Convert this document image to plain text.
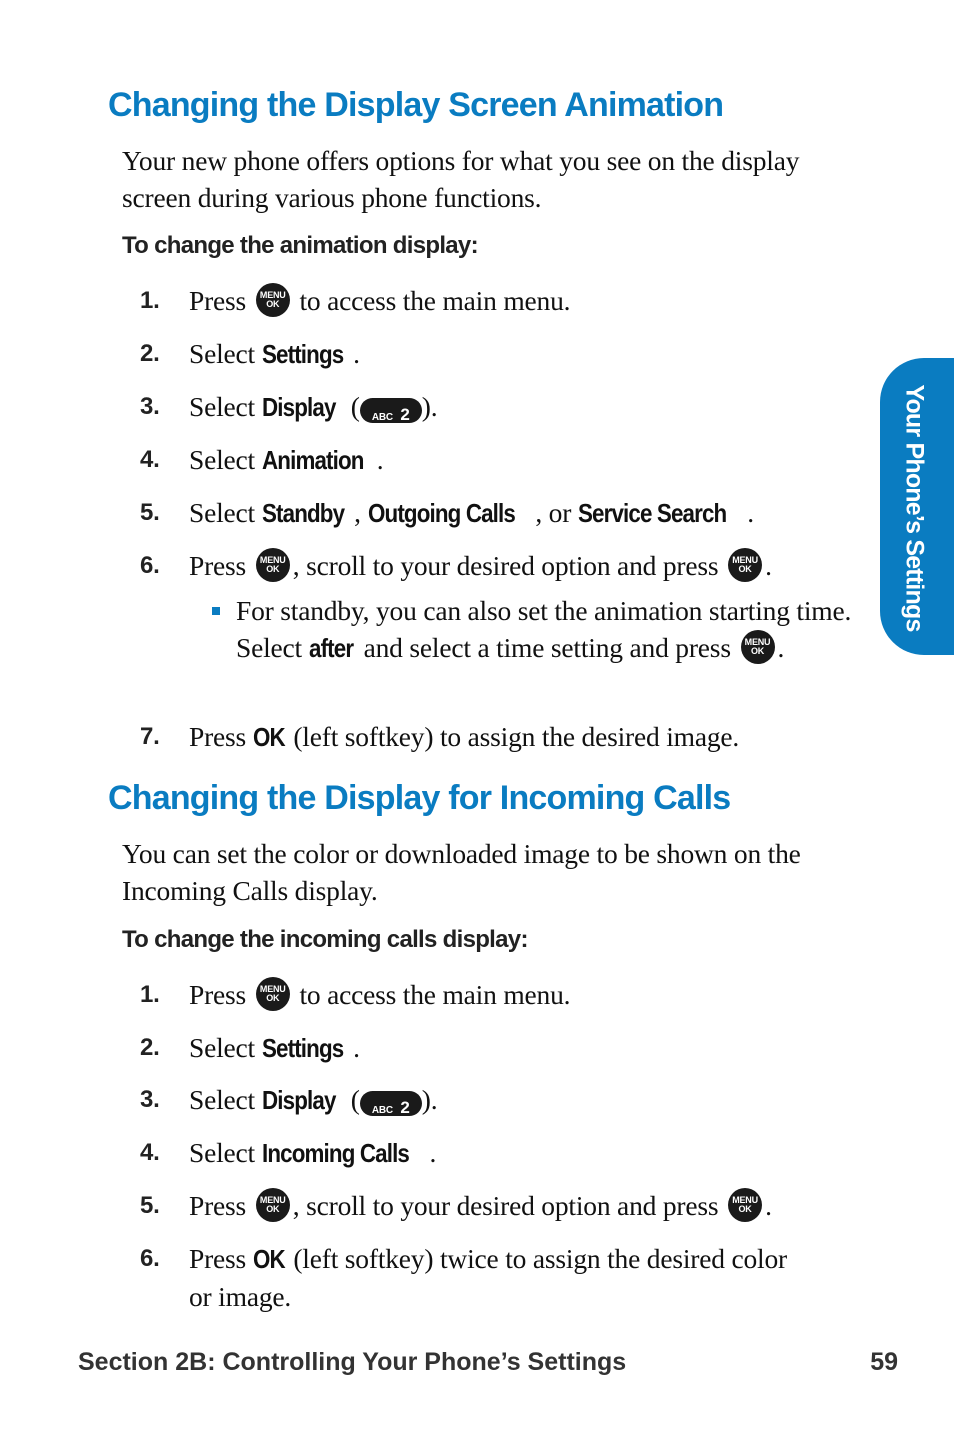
Changing the Display Screen Animation

Your new phone offers options for what you see on the display screen during various phone functions.

To change the animation display:

1. Press	MENU
OK to access the main menu.
2. Select Settings .
3. Select Display ( ABC 2 ).
4. Select Animation .
5. Select Standby , Outgoing Calls , or Service Search .
6. Press	MENU
OK , scroll to your desired option and press	MENU
OK .
For standby, you can also set the animation starting time. Select after and select a time setting and press	MENU
OK .
7. Press OK (left softkey) to assign the desired image.
Changing the Display for Incoming Calls

You can set the color or downloaded image to be shown on the Incoming Calls display.

To change the incoming calls display:

1. Press	MENU
OK to access the main menu.
2. Select Settings .
3. Select Display ( ABC 2 ).
4. Select Incoming Calls .
5. Press	MENU
OK , scroll to your desired option and press	MENU
OK .
6. Press OK (left softkey) twice to assign the desired color or image.
Your Phone’s Settings

Section 2B: Controlling Your Phone’s Settings	59
